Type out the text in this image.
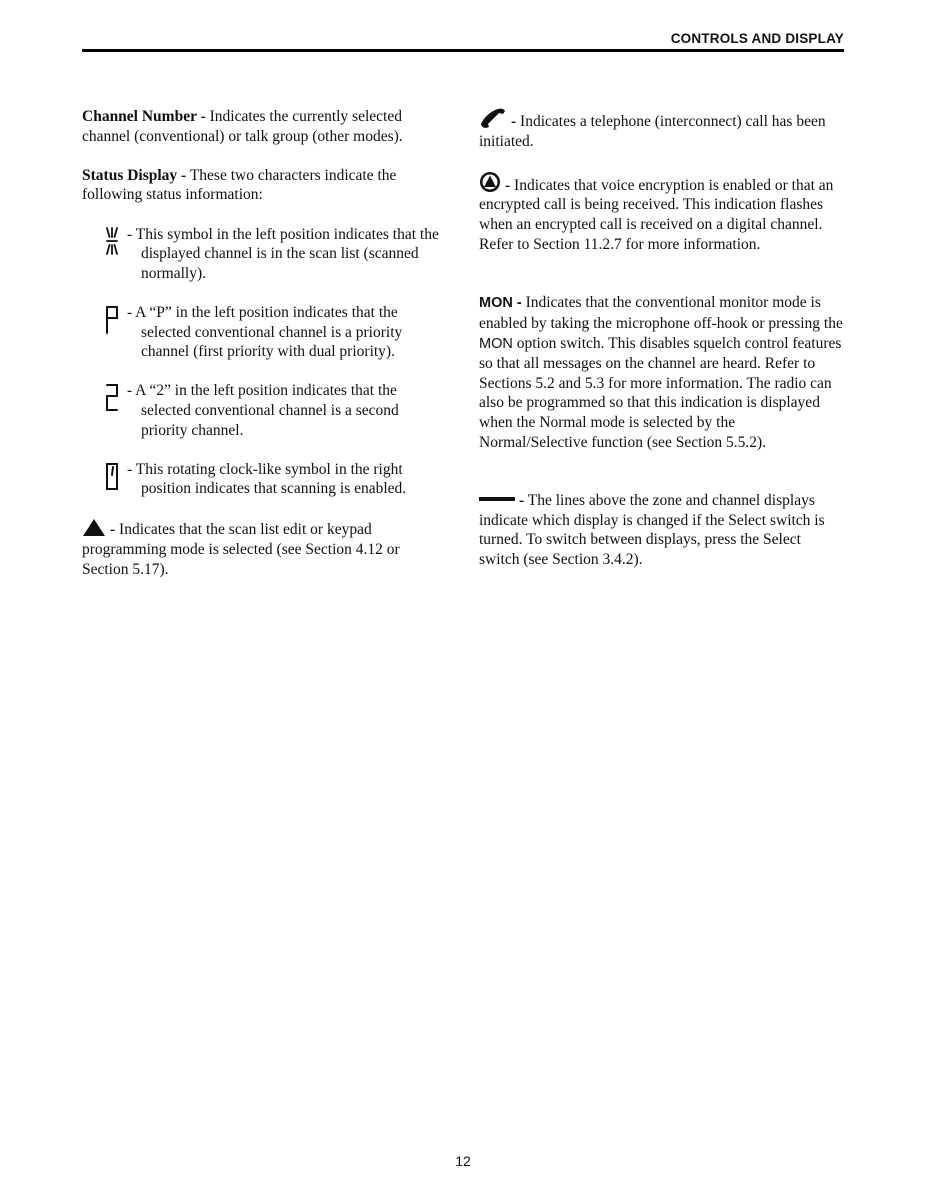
CONTROLS AND DISPLAY

Channel Number - Indicates the currently selected channel (conventional) or talk group (other modes).

Status Display - These two characters indicate the following status information:

- This symbol in the left position indicates that the displayed channel is in the scan list (scanned normally).

- A “P” in the left position indicates that the selected conventional channel is a priority channel (first priority with dual priority).

- A “2” in the left position indicates that the selected conventional channel is a second priority channel.

- This rotating clock-like symbol in the right position indicates that scanning is enabled.

- Indicates that the scan list edit or keypad programming mode is selected (see Section 4.12 or Section 5.17).

- Indicates a telephone (interconnect) call has been initiated.

- Indicates that voice encryption is enabled or that an encrypted call is being received. This indication flashes when an encrypted call is received on a digital channel. Refer to Section 11.2.7 for more information.

MON - Indicates that the conventional monitor mode is enabled by taking the microphone off-hook or pressing the MON option switch. This disables squelch control features so that all messages on the channel are heard. Refer to Sections 5.2 and 5.3 for more information. The radio can also be programmed so that this indication is displayed when the Normal mode is selected by the Normal/Selective function (see Section 5.5.2).

- The lines above the zone and channel displays indicate which display is changed if the Select switch is turned. To switch between displays, press the Select switch (see Section 3.4.2).

12
